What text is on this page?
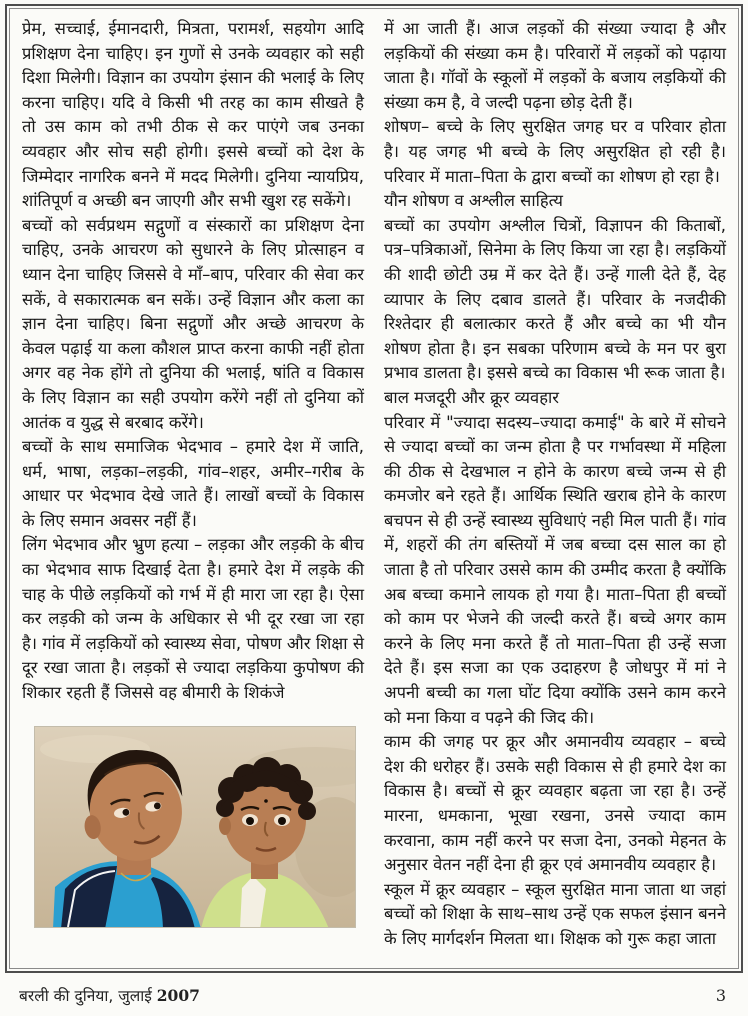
प्रेम, सच्चाई, ईमानदारी, मित्रता, परामर्श, सहयोग आदि प्रशिक्षण देना चाहिए। इन गुणों से उनके व्यवहार को सही दिशा मिलेगी। विज्ञान का उपयोग इंसान की भलाई के लिए करना चाहिए। यदि वे किसी भी तरह का काम सीखते है तो उस काम को तभी ठीक से कर पाएंगे जब उनका व्यवहार और सोच सही होगी। इससे बच्चों को देश के जिम्मेदार नागरिक बनने में मदद मिलेगी। दुनिया न्यायप्रिय, शांतिपूर्ण व अच्छी बन जाएगी और सभी खुश रह सकेंगे।

बच्चों को सर्वप्रथम सद्गुणों व संस्कारों का प्रशिक्षण देना चाहिए, उनके आचरण को सुधारने के लिए प्रोत्साहन व ध्यान देना चाहिए जिससे वे मॉं–बाप, परिवार की सेवा कर सकें, वे सकारात्मक बन सकें। उन्हें विज्ञान और कला का ज्ञान देना चाहिए। बिना सद्गुणों और अच्छे आचरण के केवल पढ़ाई या कला कौशल प्राप्त करना काफी नहीं होता अगर वह नेक होंगे तो दुनिया की भलाई, षांति व विकास के लिए विज्ञान का सही उपयोग करेंगे नहीं तो दुनिया कों आतंक व युद्ध से बरबाद करेंगे।

बच्चों के साथ समाजिक भेदभाव – हमारे देश में जाति, धर्म, भाषा, लड़का–लड़की, गांव–शहर, अमीर–गरीब के आधार पर भेदभाव देखे जाते हैं। लाखों बच्चों के विकास के लिए समान अवसर नहीं हैं।

लिंग भेदभाव और भ्रुण हत्या – लड़का और लड़की के बीच का भेदभाव साफ दिखाई देता है। हमारे देश में लड़के की चाह के पीछे लड़कियों को गर्भ में ही मारा जा रहा है। ऐसा कर लड़की को जन्म के अधिकार से भी दूर रखा जा रहा है। गांव में लड़कियों को स्वास्थ्य सेवा, पोषण और शिक्षा से दूर रखा जाता है। लड़कों से ज्यादा लड़किया कुपोषण की शिकार रहती हैं जिससे वह बीमारी के शिकंजे

में आ जाती हैं। आज लड़कों की संख्या ज्यादा है और लड़कियों की संख्या कम है। परिवारों में लड़कों को पढ़ाया जाता है। गॉवों के स्कूलों में लड़कों के बजाय लड़कियों की संख्या कम है, वे जल्दी पढ़ना छोड़ देती हैं।

शोषण– बच्चे के लिए सुरक्षित जगह घर व परिवार होता है। यह जगह भी बच्चे के लिए असुरक्षित हो रही है। परिवार में माता–पिता के द्वारा बच्चों का शोषण हो रहा है।

यौन शोषण व अश्लील साहित्य

बच्चों का उपयोग अश्लील चित्रों, विज्ञापन की किताबों, पत्र–पत्रिकाओं, सिनेमा के लिए किया जा रहा है। लड़कियों की शादी छोटी उम्र में कर देते हैं। उन्हें गाली देते हैं, देह व्यापार के लिए दबाव डालते हैं। परिवार के नजदीकी रिश्तेदार ही बलात्कार करते हैं और बच्चे का भी यौन शोषण होता है। इन सबका परिणाम बच्चे के मन पर बुरा प्रभाव डालता है। इससे बच्चे का विकास भी रूक जाता है।

बाल मजदूरी और क्रूर व्यवहार

परिवार में "ज्यादा सदस्य–ज्यादा कमाई" के बारे में सोचने से ज्यादा बच्चों का जन्म होता है पर गर्भावस्था में महिला की ठीक से देखभाल न होने के कारण बच्चे जन्म से ही कमजोर बने रहते हैं। आर्थिक स्थिति खराब होने के कारण बचपन से ही उन्हें स्वास्थ्य सुविधाएं नही मिल पाती हैं। गांव में, शहरों की तंग बस्तियों में जब बच्चा दस साल का हो जाता है तो परिवार उससे काम की उम्मीद करता है क्योंकि अब बच्चा कमाने लायक हो गया है। माता–पिता ही बच्चों को काम पर भेजने की जल्दी करते हैं। बच्चे अगर काम करने के लिए मना करते हैं तो माता–पिता ही उन्हें सजा देते हैं। इस सजा का एक उदाहरण है जोधपुर में मां ने अपनी बच्ची का गला घोंट दिया क्योंकि उसने काम करने को मना किया व पढ़ने की जिद की।

काम की जगह पर क्रूर और अमानवीय व्यवहार – बच्चे देश की धरोहर हैं। उसके सही विकास से ही हमारे देश का विकास है। बच्चों से क्रूर व्यवहार बढ़ता जा रहा है। उन्हें मारना, धमकाना, भूखा रखना, उनसे ज्यादा काम करवाना, काम नहीं करने पर सजा देना, उनको मेहनत के अनुसार वेतन नहीं देना ही क्रूर एवं अमानवीय व्यवहार है।

स्कूल में क्रूर व्यवहार – स्कूल सुरक्षित माना जाता था जहां बच्चों को शिक्षा के साथ–साथ उन्हें एक सफल इंसान बनने के लिए मार्गदर्शन मिलता था। शिक्षक को गुरू कहा जाता

बरली की दुनिया, जुलाई 2007	3
